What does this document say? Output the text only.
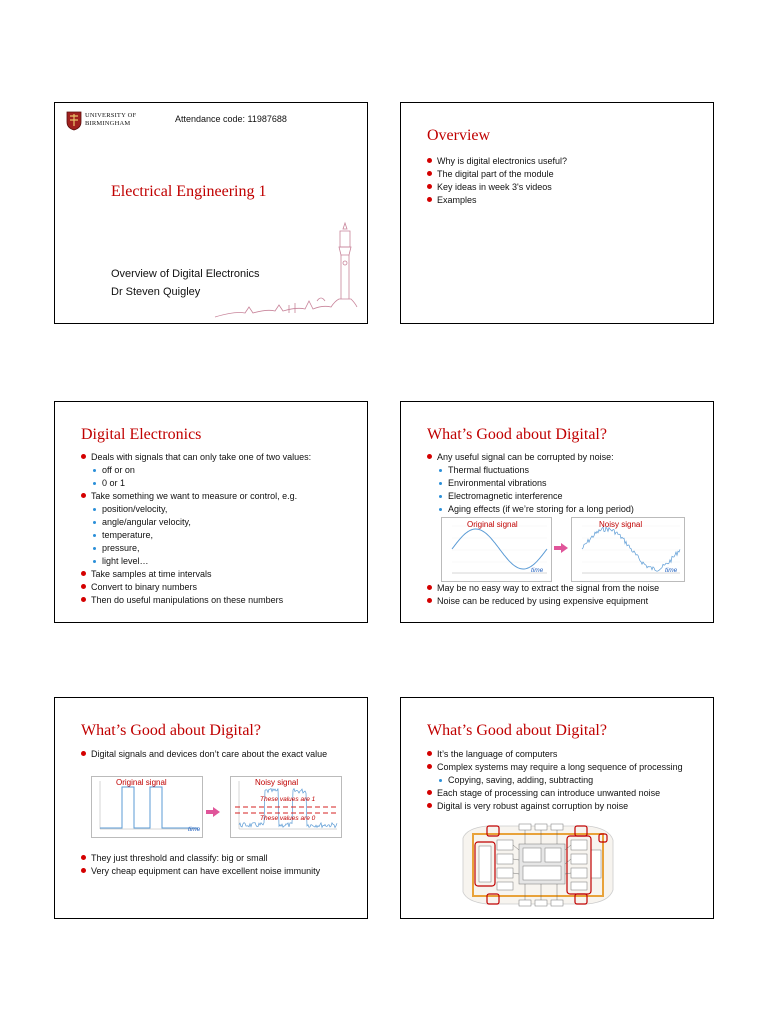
UNIVERSITY OF
BIRMINGHAM	Attendance code: 11987688
Electrical Engineering 1
Overview of Digital Electronics
Dr Steven Quigley
Overview
Why is digital electronics useful?
The digital part of the module
Key ideas in week 3's videos
Examples
Digital Electronics
Deals with signals that can only take one of two values:
off or on
0 or 1
Take something we want to measure or control, e.g.
position/velocity,
angle/angular velocity,
temperature,
pressure,
light level…
Take samples at time intervals
Convert to binary numbers
Then do useful manipulations on these numbers
What’s Good about Digital?
Any useful signal can be corrupted by noise:
Thermal fluctuations
Environmental vibrations
Electromagnetic interference
Aging effects (if we’re storing for a long period)
Original signal
time
Noisy signal
time
May be no easy way to extract the signal from the noise
Noise can be reduced by using expensive equipment
What’s Good about Digital?
Digital signals and devices don’t care about the exact value
Original signal	Noisy signal
These values are 1
These values are 0
time
They just threshold and classify: big or small
Very cheap equipment can have excellent noise immunity
What’s Good about Digital?
It’s the language of computers
Complex systems may require a long sequence of processing
Copying, saving, adding, subtracting
Each stage of processing can introduce unwanted noise
Digital is very robust against corruption by noise
